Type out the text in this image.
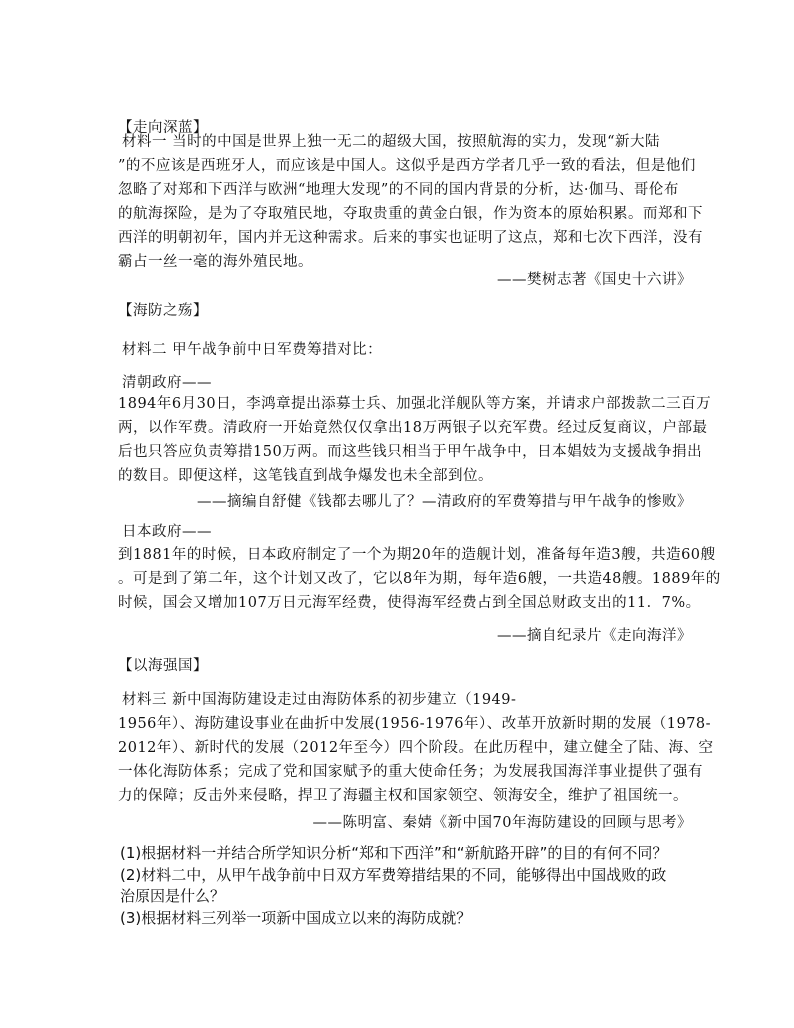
【走向深蓝】

材料一 当时的中国是世界上独一无二的超级大国，按照航海的实力，发现“新大陆

”的不应该是西班牙人，而应该是中国人。这似乎是西方学者几乎一致的看法，但是他们

忽略了对郑和下西洋与欧洲“地理大发现”的不同的国内背景的分析，达·伽马、哥伦布

的航海探险，是为了夺取殖民地，夺取贵重的黄金白银，作为资本的原始积累。而郑和下

西洋的明朝初年，国内并无这种需求。后来的事实也证明了这点，郑和七次下西洋，没有

霸占一丝一毫的海外殖民地。

——樊树志著《国史十六讲》
【海防之殇】
材料二 甲午战争前中日军费筹措对比：
清朝政府——

1894年6月30日，李鸿章提出添募士兵、加强北洋舰队等方案，并请求户部拨款二三百万

两，以作军费。清政府一开始竟然仅仅拿出18万两银子以充军费。经过反复商议，户部最

后也只答应负责筹措150万两。而这些钱只相当于甲午战争中，日本娼妓为支援战争捐出

的数目。即便这样，这笔钱直到战争爆发也未全部到位。

——摘编自舒健《钱都去哪儿了？—清政府的军费筹措与甲午战争的惨败》
日本政府——

到1881年的时候，日本政府制定了一个为期20年的造舰计划，准备每年造3艘，共造60艘

。可是到了第二年，这个计划又改了，它以8年为期，每年造6艘，一共造48艘。1889年的

时候，国会又增加107万日元海军经费，使得海军经费占到全国总财政支出的11．7%。

——摘自纪录片《走向海洋》
【以海强国】

材料三 新中国海防建设走过由海防体系的初步建立（1949-

1956年）、海防建设事业在曲折中发展(1956-1976年）、改革开放新时期的发展（1978-

2012年）、新时代的发展（2012年至今）四个阶段。在此历程中，建立健全了陆、海、空

一体化海防体系；完成了党和国家赋予的重大使命任务；为发展我国海洋事业提供了强有

力的保障；反击外来侵略，捍卫了海疆主权和国家领空、领海安全，维护了祖国统一。

——陈明富、秦婧《新中国70年海防建设的回顾与思考》

(1)根据材料一并结合所学知识分析“郑和下西洋”和“新航路开辟”的目的有何不同？

(2)材料二中，从甲午战争前中日双方军费筹措结果的不同，能够得出中国战败的政治原因是什么？

(3)根据材料三列举一项新中国成立以来的海防成就？
